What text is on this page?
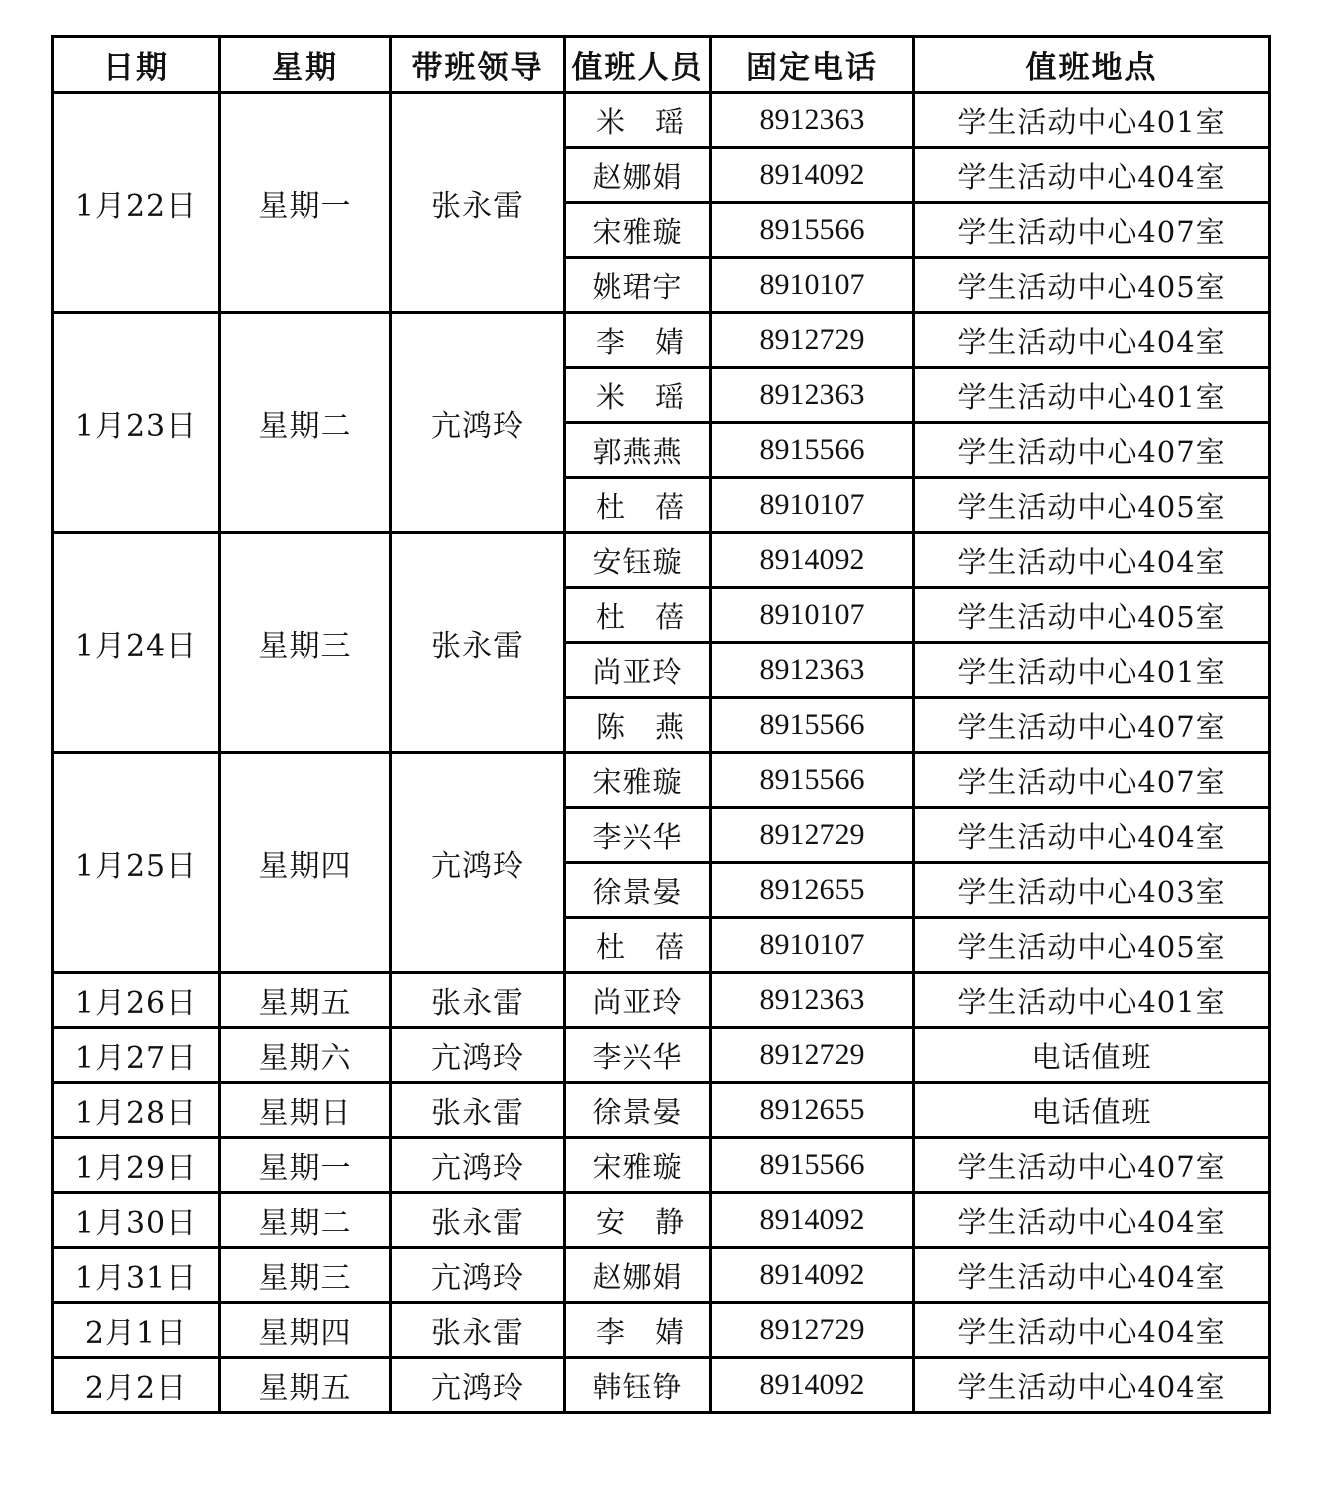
日期	星期	带班领导	值班人员	固定电话	值班地点
1月22日	星期一	张永雷	米瑶	8912363	学生活动中心401室
			赵娜娟	8914092	学生活动中心404室
			宋雅璇	8915566	学生活动中心407室
			姚珺宇	8910107	学生活动中心405室
1月23日	星期二	亢鸿玲	李婧	8912729	学生活动中心404室
			米瑶	8912363	学生活动中心401室
			郭燕燕	8915566	学生活动中心407室
			杜蓓	8910107	学生活动中心405室
1月24日	星期三	张永雷	安钰璇	8914092	学生活动中心404室
			杜蓓	8910107	学生活动中心405室
			尚亚玲	8912363	学生活动中心401室
			陈燕	8915566	学生活动中心407室
1月25日	星期四	亢鸿玲	宋雅璇	8915566	学生活动中心407室
			李兴华	8912729	学生活动中心404室
			徐景晏	8912655	学生活动中心403室
			杜蓓	8910107	学生活动中心405室
1月26日	星期五	张永雷	尚亚玲	8912363	学生活动中心401室
1月27日	星期六	亢鸿玲	李兴华	8912729	电话值班
1月28日	星期日	张永雷	徐景晏	8912655	电话值班
1月29日	星期一	亢鸿玲	宋雅璇	8915566	学生活动中心407室
1月30日	星期二	张永雷	安静	8914092	学生活动中心404室
1月31日	星期三	亢鸿玲	赵娜娟	8914092	学生活动中心404室
2月1日	星期四	张永雷	李婧	8912729	学生活动中心404室
2月2日	星期五	亢鸿玲	韩钰铮	8914092	学生活动中心404室
